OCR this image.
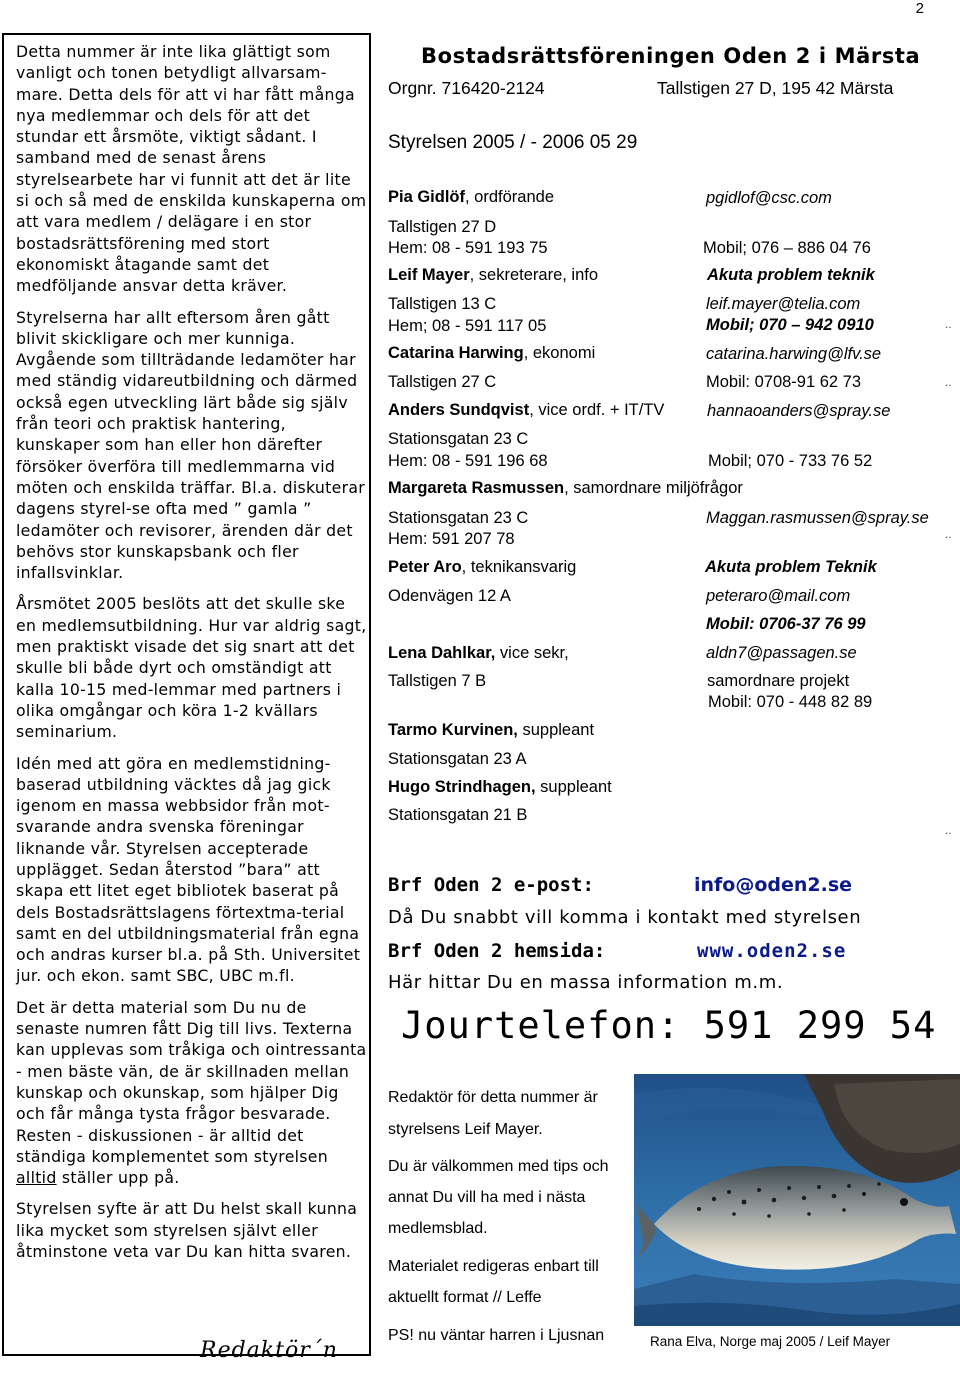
2

Detta nummer är inte lika glättigt som vanligt och tonen betydligt allvarsam-mare. Detta dels för att vi har fått många nya medlemmar och dels för att det stundar ett årsmöte, viktigt sådant. I samband med de senast årens styrelsearbete har vi funnit att det är lite si och så med de enskilda kunskaperna om att vara medlem / delägare i en stor bostadsrättsförening med stort ekonomiskt åtagande samt det medföljande ansvar detta kräver.

Styrelserna har allt eftersom åren gått blivit skickligare och mer kunniga. Avgående som tillträdande ledamöter har med ständig vidareutbildning och därmed också egen utveckling lärt både sig själv från teori och praktisk hantering, kunskaper som han eller hon därefter försöker överföra till medlemmarna vid möten och enskilda träffar. Bl.a. diskuterar dagens styrel-se ofta med ” gamla ” ledamöter och revisorer, ärenden där det behövs stor kunskapsbank och fler infallsvinklar.

Årsmötet 2005 beslöts att det skulle ske en medlemsutbildning. Hur var aldrig sagt, men praktiskt visade det sig snart att det skulle bli både dyrt och omständigt att kalla 10-15 med-lemmar med partners i olika omgångar och köra 1-2 kvällars seminarium.

Idén med att göra en medlemstidning-baserad utbildning väcktes då jag gick igenom en massa webbsidor från mot-svarande andra svenska föreningar liknande vår. Styrelsen accepterade upplägget. Sedan återstod ”bara” att skapa ett litet eget bibliotek baserat på dels Bostadsrättslagens förtextma-terial samt en del utbildningsmaterial från egna och andras kurser bl.a. på Sth. Universitet jur. och ekon. samt SBC, UBC m.fl.

Det är detta material som Du nu de senaste numren fått Dig till livs. Texterna kan upplevas som tråkiga och ointressanta - men bäste vän, de är skillnaden mellan kunskap och okunskap, som hjälper Dig och får många tysta frågor besvarade. Resten - diskussionen - är alltid det ständiga komplementet som styrelsen alltid ställer upp på.

Styrelsen syfte är att Du helst skall kunna lika mycket som styrelsen självt eller åtminstone veta var Du kan hitta svaren.

Redaktör´n
Bostadsrättsföreningen Oden 2 i Märsta
Orgnr. 716420-2124	Tallstigen 27 D, 195 42 Märsta
Styrelsen 2005 / - 2006 05 29
Pia Gidlöf, ordförande	pgidlof@csc.com
Tallstigen 27 D
Hem: 08 - 591 193 75	Mobil; 076 – 886 04 76
Leif Mayer, sekreterare, info	Akuta problem teknik
Tallstigen 13 C	leif.mayer@telia.com
Hem; 08 - 591 117 05	Mobil; 070 – 942 0910
Catarina Harwing, ekonomi	catarina.harwing@lfv.se
Tallstigen 27 C	Mobil: 0708-91 62 73
Anders Sundqvist, vice ordf. + IT/TV	hannaoanders@spray.se
Stationsgatan 23 C
Hem: 08 - 591 196 68	Mobil; 070 - 733 76 52
Margareta Rasmussen, samordnare miljöfrågor
Stationsgatan 23 C	Maggan.rasmussen@spray.se
Hem: 591 207 78
Peter Aro, teknikansvarig	Akuta problem Teknik
Odenvägen 12 A	peteraro@mail.com
Mobil: 0706-37 76 99
Lena Dahlkar, vice sekr,	aldn7@passagen.se
Tallstigen 7 B	samordnare projekt
Mobil: 070 - 448 82 89
Tarmo Kurvinen, suppleant
Stationsgatan 23 A
Hugo Strindhagen, suppleant
Stationsgatan 21 B
Brf Oden 2 e-post:	info@oden2.se
Då Du snabbt vill komma i kontakt med styrelsen
Brf Oden 2 hemsida:	www.oden2.se
Här hittar Du en massa information m.m.
Jourtelefon: 591 299 54
Redaktör för detta nummer är
styrelsens Leif Mayer.
Du är välkommen med tips och
annat Du vill ha med i nästa
medlemsblad.
Materialet redigeras enbart till
aktuellt format // Leffe
PS! nu väntar harren i Ljusnan	Rana Elva, Norge maj 2005 / Leif Mayer
‥
‥
‥
‥
